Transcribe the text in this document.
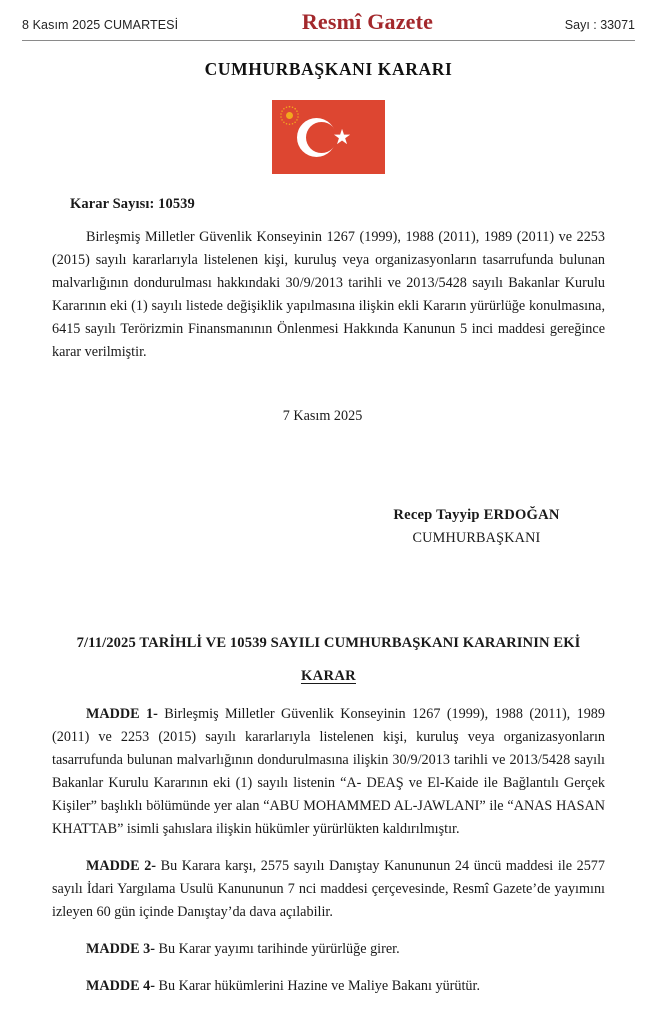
8 Kasım 2025 CUMARTESİ	Resmî Gazete	Sayı : 33071
CUMHURBAŞKANI KARARI
★
Karar Sayısı: 10539

Birleşmiş Milletler Güvenlik Konseyinin 1267 (1999), 1988 (2011), 1989 (2011) ve 2253 (2015) sayılı kararlarıyla listelenen kişi, kuruluş veya organizasyonların tasarrufunda bulunan malvarlığının dondurulması hakkındaki 30/9/2013 tarihli ve 2013/5428 sayılı Bakanlar Kurulu Kararının eki (1) sayılı listede değişiklik yapılmasına ilişkin ekli Kararın yürürlüğe konulmasına, 6415 sayılı Terörizmin Finansmanının Önlenmesi Hakkında Kanunun 5 inci maddesi gereğince karar verilmiştir.

7 Kasım 2025
Recep Tayyip ERDOĞAN
CUMHURBAŞKANI
7/11/2025 TARİHLİ VE 10539 SAYILI CUMHURBAŞKANI KARARININ EKİ
KARAR
MADDE 1- Birleşmiş Milletler Güvenlik Konseyinin 1267 (1999), 1988 (2011), 1989 (2011) ve 2253 (2015) sayılı kararlarıyla listelenen kişi, kuruluş veya organizasyonların tasarrufunda bulunan malvarlığının dondurulmasına ilişkin 30/9/2013 tarihli ve 2013/5428 sayılı Bakanlar Kurulu Kararının eki (1) sayılı listenin “A- DEAŞ ve El-Kaide ile Bağlantılı Gerçek Kişiler” başlıklı bölümünde yer alan “ABU MOHAMMED AL-JAWLANI” ile “ANAS HASAN KHATTAB” isimli şahıslara ilişkin hükümler yürürlükten kaldırılmıştır.
MADDE 2- Bu Karara karşı, 2575 sayılı Danıştay Kanununun 24 üncü maddesi ile 2577 sayılı İdari Yargılama Usulü Kanununun 7 nci maddesi çerçevesinde, Resmî Gazete’de yayımını izleyen 60 gün içinde Danıştay’da dava açılabilir.
MADDE 3- Bu Karar yayımı tarihinde yürürlüğe girer.
MADDE 4- Bu Karar hükümlerini Hazine ve Maliye Bakanı yürütür.
